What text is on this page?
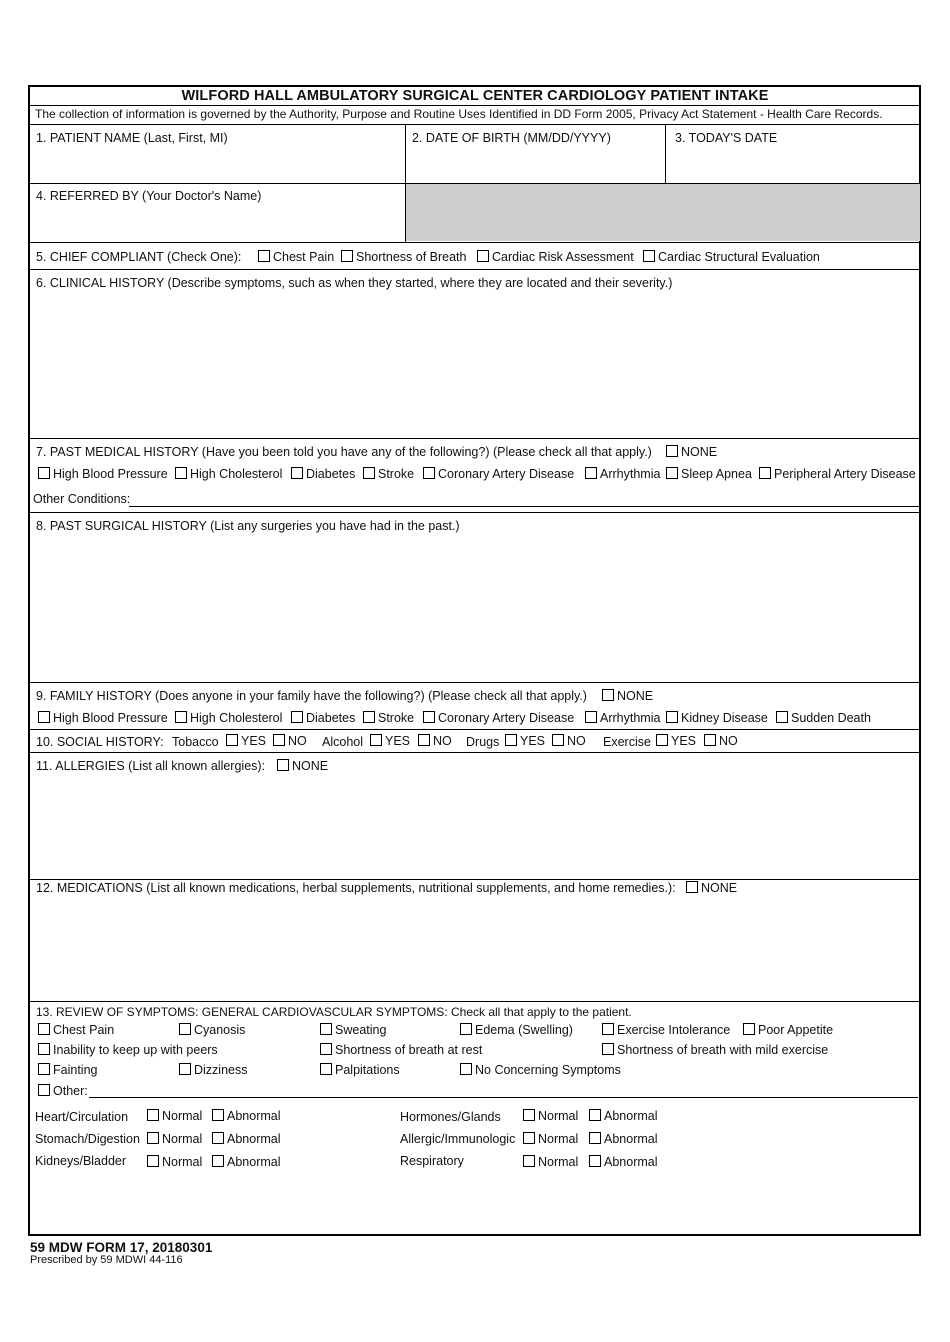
WILFORD HALL AMBULATORY SURGICAL CENTER CARDIOLOGY PATIENT INTAKE
The collection of information is governed by the Authority, Purpose and Routine Uses Identified in DD Form 2005, Privacy Act Statement - Health Care Records.
1. PATIENT NAME (Last, First, MI)	2. DATE OF BIRTH (MM/DD/YYYY)	3. TODAY'S DATE
4. REFERRED BY (Your Doctor's Name)
5. CHIEF COMPLIANT (Check One):	Chest Pain	Shortness of Breath	Cardiac Risk Assessment	Cardiac Structural Evaluation
6. CLINICAL HISTORY (Describe symptoms, such as when they started, where they are located and their severity.)
7. PAST MEDICAL HISTORY (Have you been told you have any of the following?) (Please check all that apply.)	NONE
High Blood Pressure	High Cholesterol	Diabetes	Stroke	Coronary Artery Disease	Arrhythmia	Sleep Apnea	Peripheral Artery Disease
Other Conditions:
8. PAST SURGICAL HISTORY (List any surgeries you have had in the past.)
9. FAMILY HISTORY (Does anyone in your family have the following?) (Please check all that apply.)	NONE
High Blood Pressure	High Cholesterol	Diabetes	Stroke	Coronary Artery Disease	Arrhythmia	Kidney Disease	Sudden Death
10. SOCIAL HISTORY: Tobacco	YES	NO Alcohol	YES	NO Drugs	YES	NO Exercise	YES	NO
11. ALLERGIES (List all known allergies):	NONE
12. MEDICATIONS (List all known medications, herbal supplements, nutritional supplements, and home remedies.):	NONE
13. REVIEW OF SYMPTOMS: GENERAL CARDIOVASCULAR SYMPTOMS: Check all that apply to the patient.
Chest Pain	Cyanosis	Sweating	Edema (Swelling)	Exercise Intolerance	Poor Appetite
Inability to keep up with peers	Shortness of breath at rest	Shortness of breath with mild exercise
Fainting	Dizziness	Palpitations	No Concerning Symptoms
Other:
Heart/Circulation	Normal	Abnormal
Stomach/Digestion	Normal	Abnormal
Kidneys/Bladder	Normal	Abnormal
Hormones/Glands	Normal	Abnormal
Allergic/Immunologic	Normal	Abnormal
Respiratory	Normal	Abnormal
59 MDW FORM 17, 20180301
Prescribed by 59 MDWI 44-116
